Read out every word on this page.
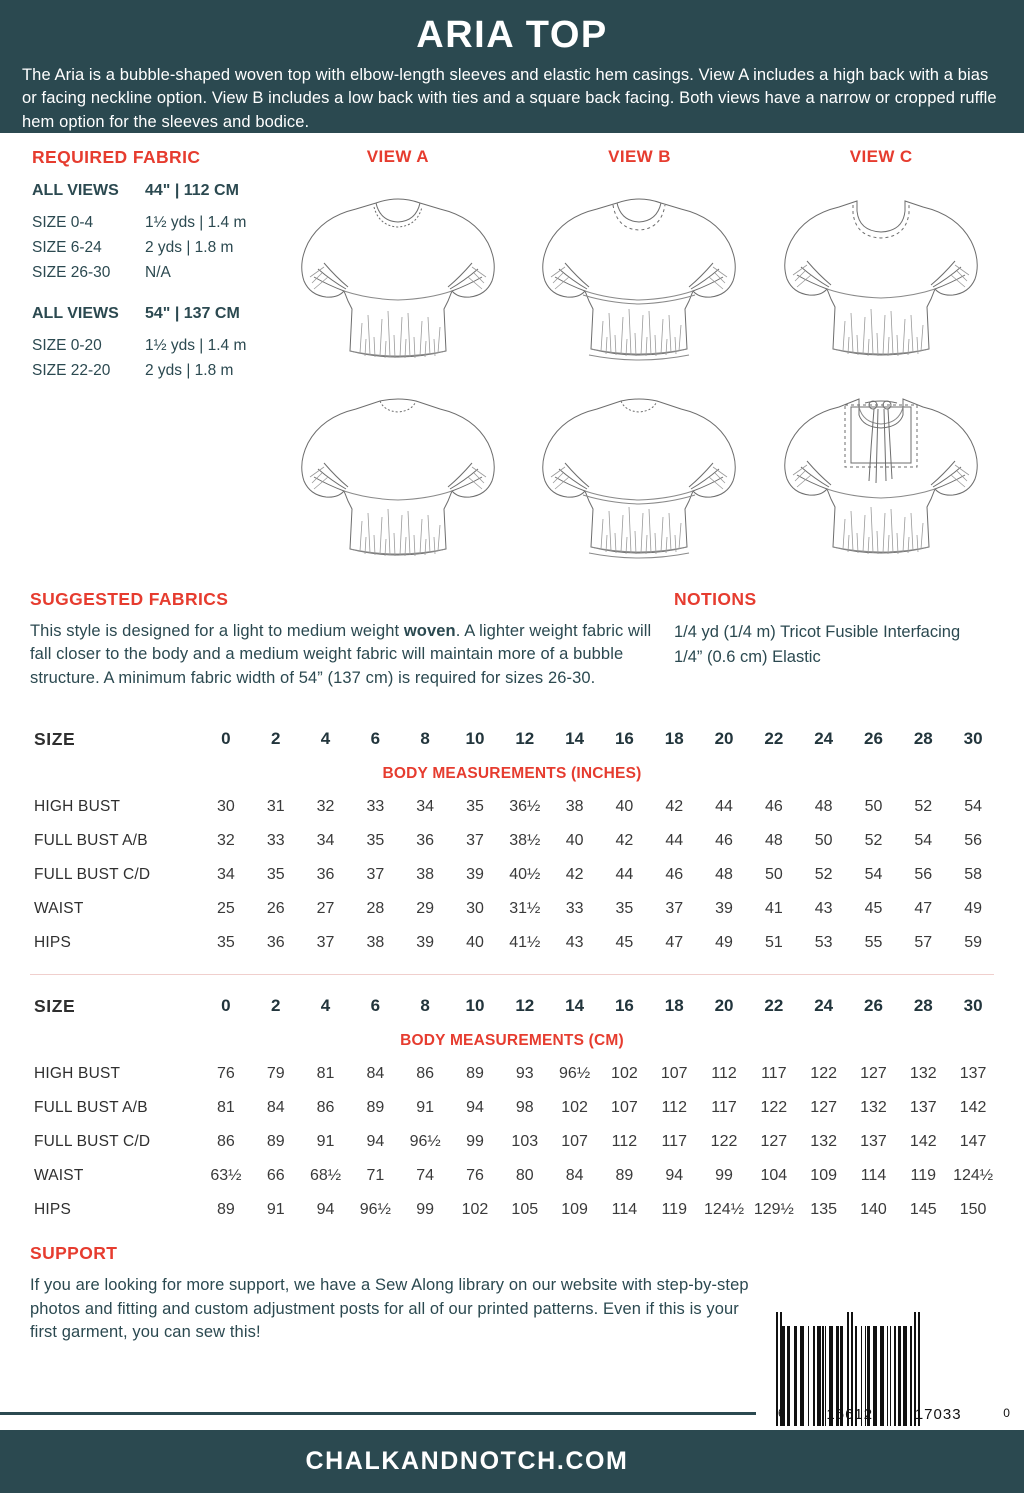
ARIA TOP
The Aria is a bubble-shaped woven top with elbow-length sleeves and elastic hem casings. View A includes a high back with a bias or facing neckline option. View B includes a low back with ties and a square back facing. Both views have a narrow or cropped ruffle hem option for the sleeves and bodice.
REQUIRED FABRIC
ALL VIEWS	44" | 112 CM
SIZE 0-4	1½ yds | 1.4 m
SIZE 6-24	2 yds | 1.8 m
SIZE 26-30	N/A
ALL VIEWS	54" | 137 CM
SIZE 0-20	1½ yds | 1.4 m
SIZE 22-20	2 yds | 1.8 m
VIEW A	VIEW B	VIEW C
SUGGESTED FABRICS
This style is designed for a light to medium weight woven. A lighter weight fabric will fall closer to the body and a medium weight fabric will maintain more of a bubble structure. A minimum fabric width of 54” (137 cm) is required for sizes 26-30.
NOTIONS
1/4 yd (1/4 m) Tricot Fusible Interfacing
1/4” (0.6 cm) Elastic
SIZE	0	2	4	6	8	10	12	14	16	18	20	22	24	26	28	30
BODY MEASUREMENTS (INCHES)																
HIGH BUST	30	31	32	33	34	35	36½	38	40	42	44	46	48	50	52	54
FULL BUST A/B	32	33	34	35	36	37	38½	40	42	44	46	48	50	52	54	56
FULL BUST C/D	34	35	36	37	38	39	40½	42	44	46	48	50	52	54	56	58
WAIST	25	26	27	28	29	30	31½	33	35	37	39	41	43	45	47	49
HIPS	35	36	37	38	39	40	41½	43	45	47	49	51	53	55	57	59
SIZE	0	2	4	6	8	10	12	14	16	18	20	22	24	26	28	30
BODY MEASUREMENTS (CM)																
HIGH BUST	76	79	81	84	86	89	93	96½	102	107	112	117	122	127	132	137
FULL BUST A/B	81	84	86	89	91	94	98	102	107	112	117	122	127	132	137	142
FULL BUST C/D	86	89	91	94	96½	99	103	107	112	117	122	127	132	137	142	147
WAIST	63½	66	68½	71	74	76	80	84	89	94	99	104	109	114	119	124½
HIPS	89	91	94	96½	99	102	105	109	114	119	124½	129½	135	140	145	150
SUPPORT
If you are looking for more support, we have a Sew Along library on our website with step-by-step photos and fitting and custom adjustment posts for all of our printed patterns. Even if this is your first garment, you can sew this!
6	16612	17033	0
CHALKANDNOTCH.COM
